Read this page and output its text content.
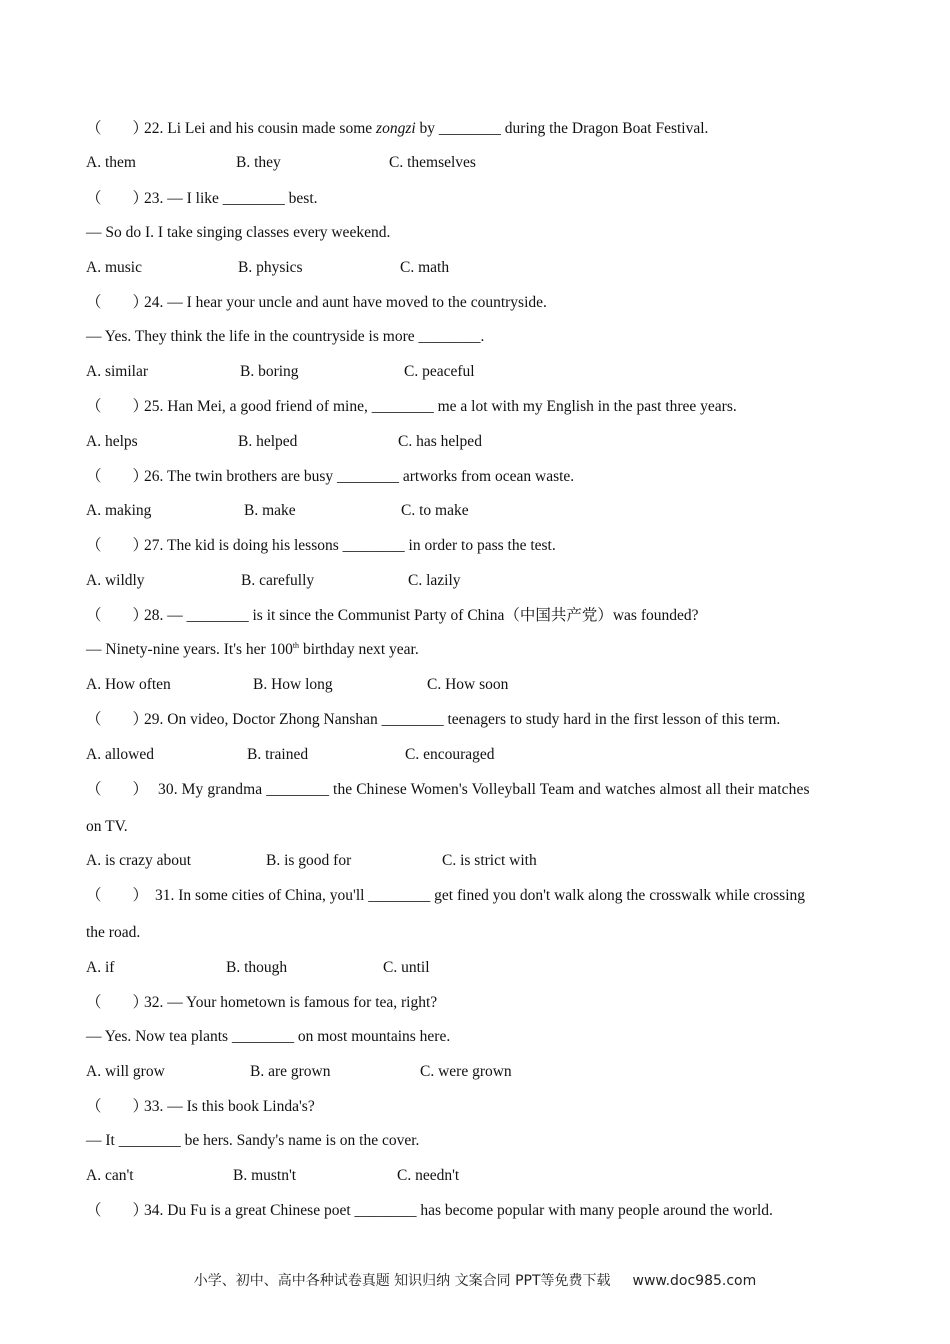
（　　）22. Li Lei and his cousin made some zongzi by ________ during the Dragon Boat Festival.
A. them	B. they	C. themselves
（　　）23. — I like ________ best.
— So do I. I take singing classes every weekend.
A. music	B. physics	C. math
（　　）24. — I hear your uncle and aunt have moved to the countryside.
— Yes. They think the life in the countryside is more ________.
A. similar	B. boring	C. peaceful
（　　）25. Han Mei, a good friend of mine, ________ me a lot with my English in the past three years.
A. helps	B. helped	C. has helped
（　　）26. The twin brothers are busy ________ artworks from ocean waste.
A. making	B. make	C. to make
（　　）27. The kid is doing his lessons ________ in order to pass the test.
A. wildly	B. carefully	C. lazily
（　　）28. — ________ is it since the Communist Party of China（中国共产党）was founded?
— Ninety-nine years. It's her 100th birthday next year.
A. How often	B. How long	C. How soon
（　　）29. On video, Doctor Zhong Nanshan ________ teenagers to study hard in the first lesson of this term.
A. allowed	B. trained	C. encouraged
（　　） 30. My grandma ________ the Chinese Women's Volleyball Team and watches almost all their matches
on TV.
A. is crazy about	B. is good for	C. is strict with
（　　） 31. In some cities of China, you'll ________ get fined you don't walk along the crosswalk while crossing
the road.
A. if	B. though	C. until
（　　）32. — Your hometown is famous for tea, right?
— Yes. Now tea plants ________ on most mountains here.
A. will grow	B. are grown	C. were grown
（　　）33. — Is this book Linda's?
— It ________ be hers. Sandy's name is on the cover.
A. can't	B. mustn't	C. needn't
（　　）34. Du Fu is a great Chinese poet ________ has become popular with many people around the world.
小学、初中、高中各种试卷真题 知识归纳 文案合同 PPT等免费下载 www.doc985.com
